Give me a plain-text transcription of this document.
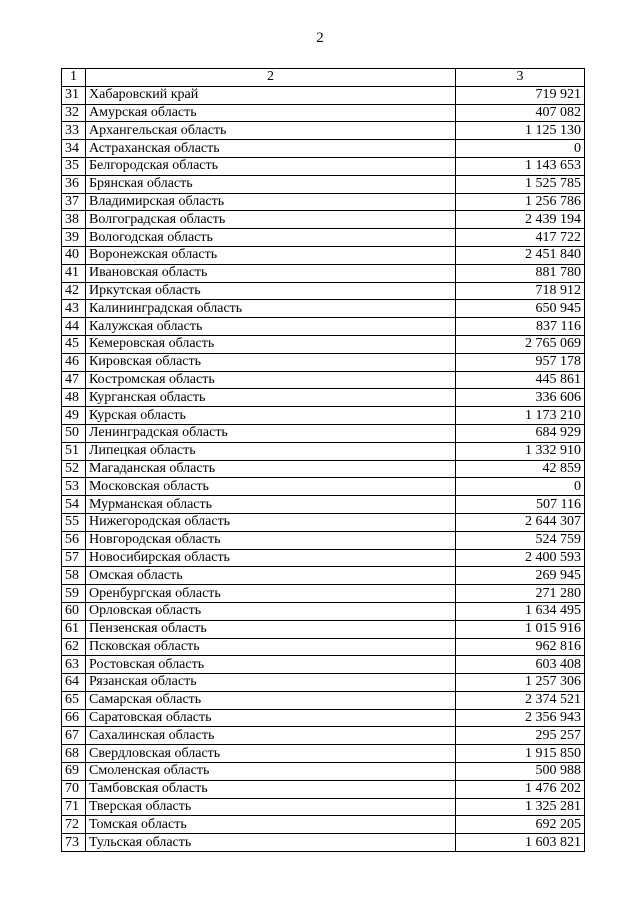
2
1	2	3
31	Хабаровский край	719 921
32	Амурская область	407 082
33	Архангельская область	1 125 130
34	Астраханская область	0
35	Белгородская область	1 143 653
36	Брянская область	1 525 785
37	Владимирская область	1 256 786
38	Волгоградская область	2 439 194
39	Вологодская область	417 722
40	Воронежская область	2 451 840
41	Ивановская область	881 780
42	Иркутская область	718 912
43	Калининградская область	650 945
44	Калужская область	837 116
45	Кемеровская область	2 765 069
46	Кировская область	957 178
47	Костромская область	445 861
48	Курганская область	336 606
49	Курская область	1 173 210
50	Ленинградская область	684 929
51	Липецкая область	1 332 910
52	Магаданская область	42 859
53	Московская область	0
54	Мурманская область	507 116
55	Нижегородская область	2 644 307
56	Новгородская область	524 759
57	Новосибирская область	2 400 593
58	Омская область	269 945
59	Оренбургская область	271 280
60	Орловская область	1 634 495
61	Пензенская область	1 015 916
62	Псковская область	962 816
63	Ростовская область	603 408
64	Рязанская область	1 257 306
65	Самарская область	2 374 521
66	Саратовская область	2 356 943
67	Сахалинская область	295 257
68	Свердловская область	1 915 850
69	Смоленская область	500 988
70	Тамбовская область	1 476 202
71	Тверская область	1 325 281
72	Томская область	692 205
73	Тульская область	1 603 821
